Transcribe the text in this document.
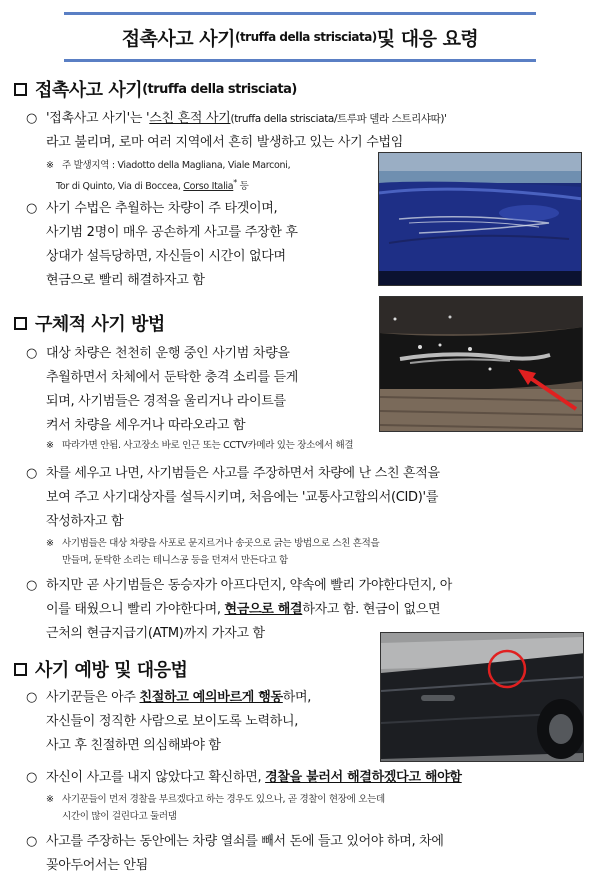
접촉사고 사기 (truffa della strisciata) 및 대응 요령
접촉사고 사기 (truffa della strisciata)
○ '접촉사고 사기'는 '스친 흔적 사기(truffa della strisciata/트루파 델라 스트리샤따)'
라고 불리며, 로마 여러 지역에서 흔히 발생하고 있는 사기 수법임
※ 주 발생지역 : Viadotto della Magliana, Viale Marconi,
Tor di Quinto, Via di Boccea, Corso Italia* 등
○ 사기 수법은 추월하는 차량이 주 타겟이며,
사기범 2명이 매우 공손하게 사고를 주장한 후
상대가 설득당하면, 자신들이 시간이 없다며
현금으로 빨리 해결하자고 함
구체적 사기 방법
○ 대상 차량은 천천히 운행 중인 사기범 차량을
추월하면서 차체에서 둔탁한 충격 소리를 듣게
되며, 사기범들은 경적을 울리거나 라이트를
켜서 차량을 세우거나 따라오라고 함
※ 따라가면 안됨. 사고장소 바로 인근 또는 CCTV카메라 있는 장소에서 해결
○ 차를 세우고 나면, 사기범들은 사고를 주장하면서 차량에 난 스친 흔적을
보여 주고 사기대상자를 설득시키며, 처음에는 '교통사고합의서(CID)'를
작성하자고 함
※ 사기범들은 대상 차량을 사포로 문지르거나 송곳으로 긁는 방법으로 스친 흔적을
만들며, 둔탁한 소리는 테니스공 등을 던져서 만든다고 함
○ 하지만 곧 사기범들은 동승자가 아프다던지, 약속에 빨리 가야한다던지, 아
이를 태웠으니 빨리 가야한다며, 현금으로 해결하자고 함. 현금이 없으면
근처의 현금지급기(ATM)까지 가자고 함
사기 예방 및 대응법
○ 사기꾼들은 아주 친절하고 예의바르게 행동하며,
자신들이 정직한 사람으로 보이도록 노력하니,
사고 후 친절하면 의심해봐야 함
○ 자신이 사고를 내지 않았다고 확신하면, 경찰을 불러서 해결하겠다고 해야함
※ 사기꾼들이 먼저 경찰을 부르겠다고 하는 경우도 있으나, 곧 경찰이 현장에 오는데
시간이 많이 걸린다고 둘러댐
○ 사고를 주장하는 동안에는 차량 열쇠를 빼서 돈에 들고 있어야 하며, 차에
꽂아두어서는 안됨
